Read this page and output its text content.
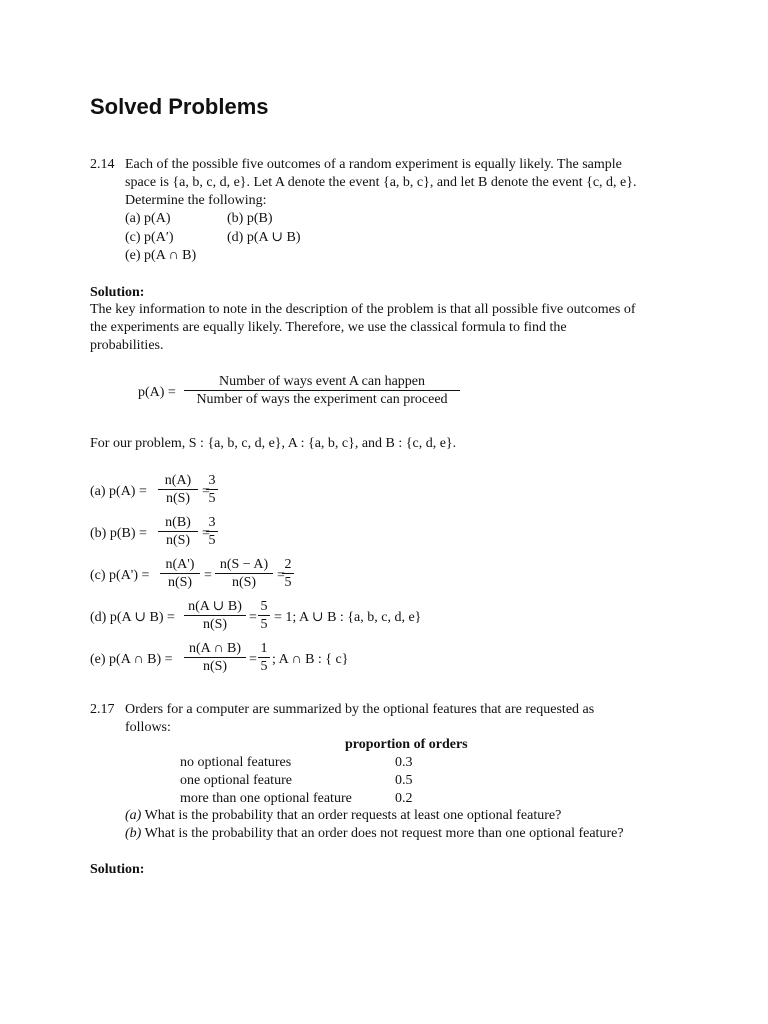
Solved Problems
2.14 Each of the possible five outcomes of a random experiment is equally likely. The sample
space is {a, b, c, d, e}. Let A denote the event {a, b, c}, and let B denote the event {c, d, e}.
Determine the following:
(a) p(A)	(b) p(B)
(c) p(A′)	(d) p(A ∪ B)
(e) p(A ∩ B)
Solution:
The key information to note in the description of the problem is that all possible five outcomes of
the experiments are equally likely. Therefore, we use the classical formula to find the
probabilities.
p(A) =
Number of ways event A can happen
Number of ways the experiment can proceed
For our problem, S : {a, b, c, d, e}, A : {a, b, c}, and B : {c, d, e}.
(a) $p(A) = \frac{n(A)}{n(S)}$ =
$\frac{3}{5}$
(b) $p(B) = \frac{n(B)}{n(S)}$ =
$\frac{3}{5}$
(c) $p(A') = \frac{n(A')}{n(S)} = \frac{n(S - A)}{n(S)}$ =
$\frac{2}{5}$
(d) p(A ∪ $B) = \frac{n(A \cup B)}{n(S)} = \frac{5}{5} = 1$; A ∪ B : {a, b, c, d, e}
(e) p(A ∩ $B) = \frac{n(A \cap B)}{n(S)} = \frac{1}{5}$ ; A ∩ B : { c}
2.17 Orders for a computer are summarized by the optional features that are requested as
follows:
proportion of orders
no optional features	0.3
one optional feature	0.5
more than one optional feature	0.2
(a) What is the probability that an order requests at least one optional feature?
(b) What is the probability that an order does not request more than one optional feature?
Solution:
